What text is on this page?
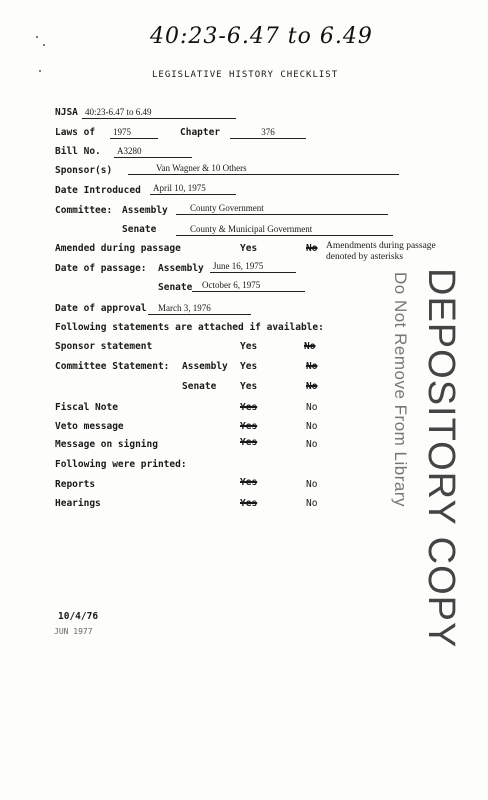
40:23-6.47 to 6.49
LEGISLATIVE HISTORY CHECKLIST
NJSA 40:23-6.47 to 6.49
Laws of	1975	Chapter	376
Bill No.	A3280
Sponsor(s)	Van Wagner & 10 Others
Date Introduced	April 10, 1975
Committee: Assembly	County Government
Senate	County & Municipal Government
Amended during passage	Yes	No Amendments during passage denoted by asterisks
Date of passage: Assembly	June 16, 1975
Senate	October 6, 1975
Date of approval	March 3, 1976
Following statements are attached if available:
Sponsor statement	Yes	No
Committee Statement: Assembly Yes	No
Senate Yes	No
Fiscal Note	Yes	No
Veto message	Yes	No
Message on signing	Yes	No
Following were printed:
Reports	Yes	No
Hearings	Yes	No	DEPOSITORY COPY
Do Not Remove From Library
10/4/76
JUN 1977
